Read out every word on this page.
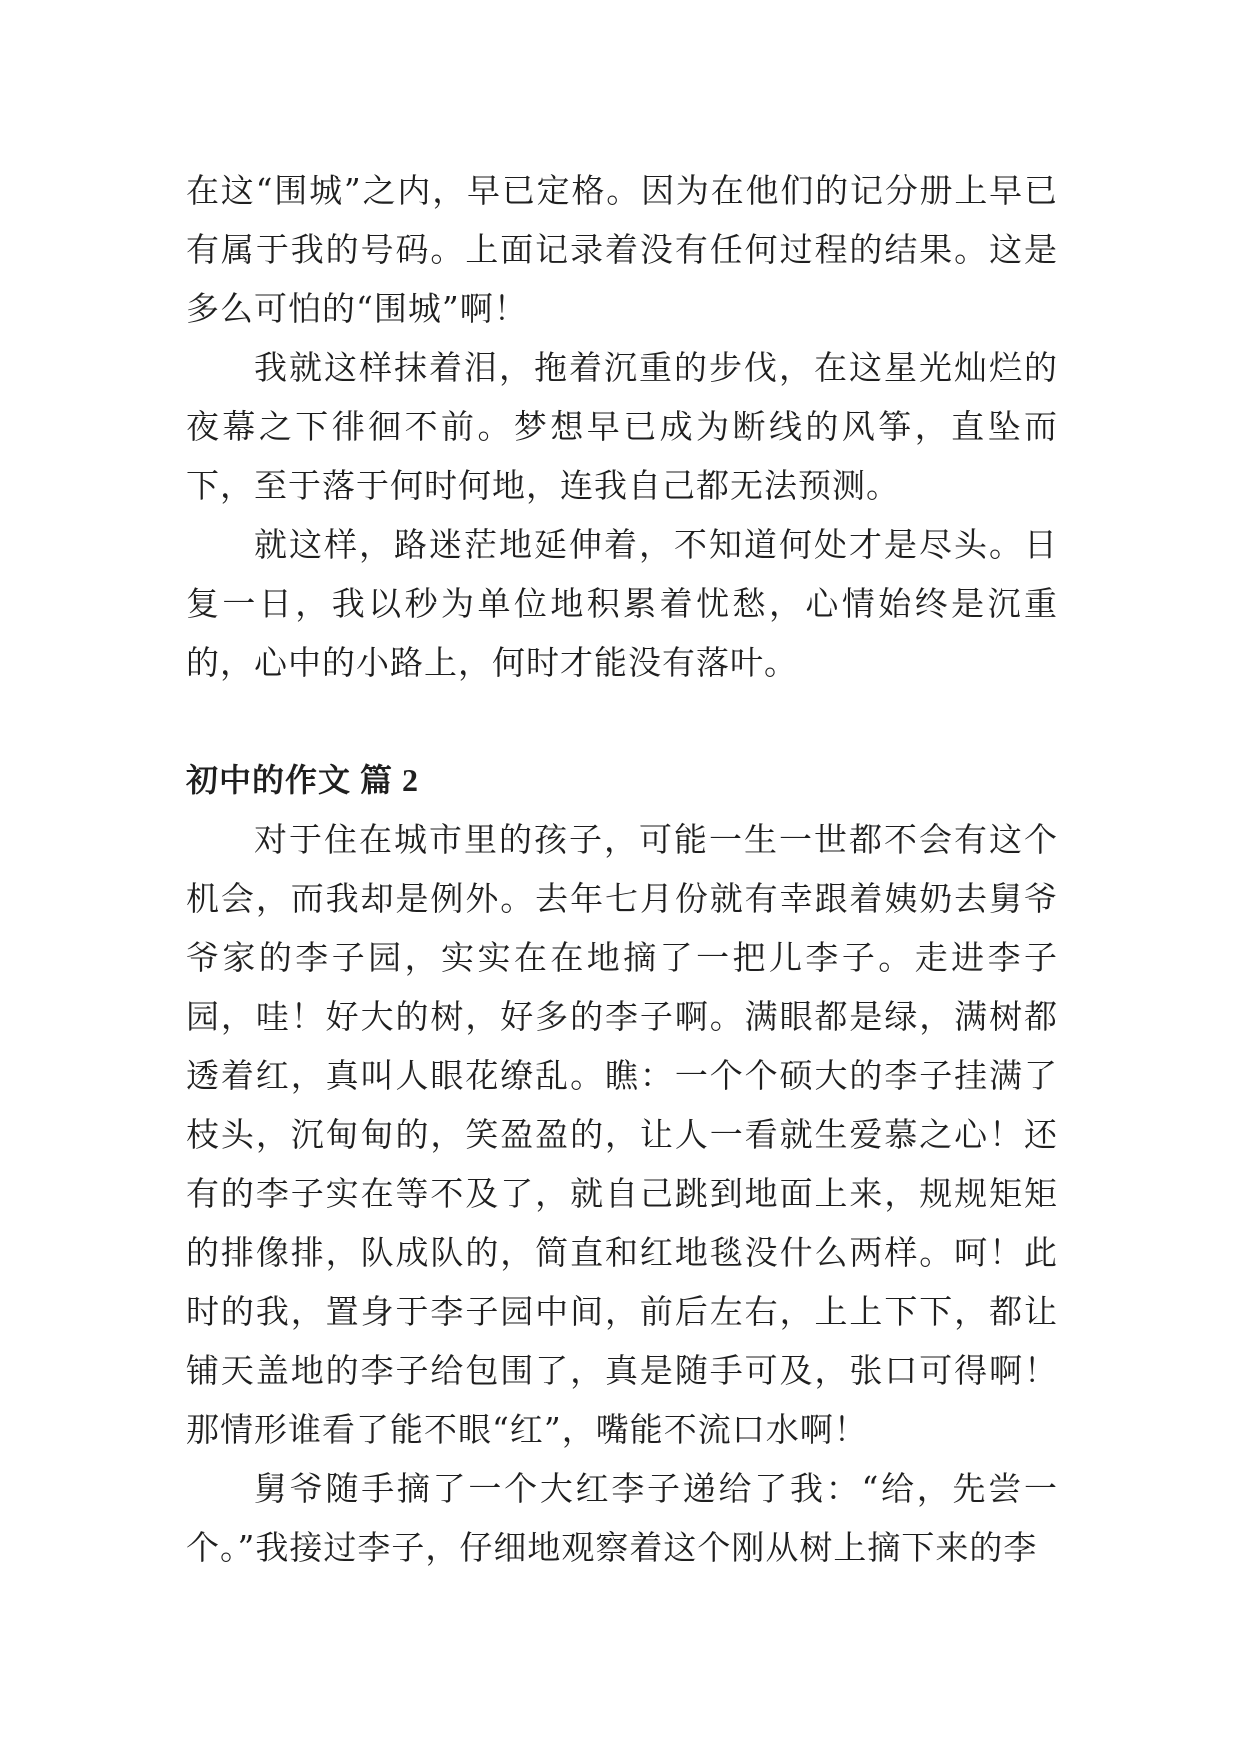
在这“围城”之内，早已定格。因为在他们的记分册上早已有属于我的号码。上面记录着没有任何过程的结果。这是多么可怕的“围城”啊！

我就这样抹着泪，拖着沉重的步伐，在这星光灿烂的夜幕之下徘徊不前。梦想早已成为断线的风筝，直坠而下，至于落于何时何地，连我自己都无法预测。

就这样，路迷茫地延伸着，不知道何处才是尽头。日复一日，我以秒为单位地积累着忧愁，心情始终是沉重的，心中的小路上，何时才能没有落叶。

初中的作文 篇 2

对于住在城市里的孩子，可能一生一世都不会有这个机会，而我却是例外。去年七月份就有幸跟着姨奶去舅爷爷家的李子园，实实在在地摘了一把儿李子。走进李子园，哇！好大的树，好多的李子啊。满眼都是绿，满树都透着红，真叫人眼花缭乱。瞧：一个个硕大的李子挂满了枝头，沉甸甸的，笑盈盈的，让人一看就生爱慕之心！还有的李子实在等不及了，就自己跳到地面上来，规规矩矩的排像排，队成队的，简直和红地毯没什么两样。呵！此时的我，置身于李子园中间，前后左右，上上下下，都让铺天盖地的李子给包围了，真是随手可及，张口可得啊！那情形谁看了能不眼“红”，嘴能不流口水啊！

舅爷随手摘了一个大红李子递给了我：“给，先尝一个。”我接过李子，仔细地观察着这个刚从树上摘下来的李
